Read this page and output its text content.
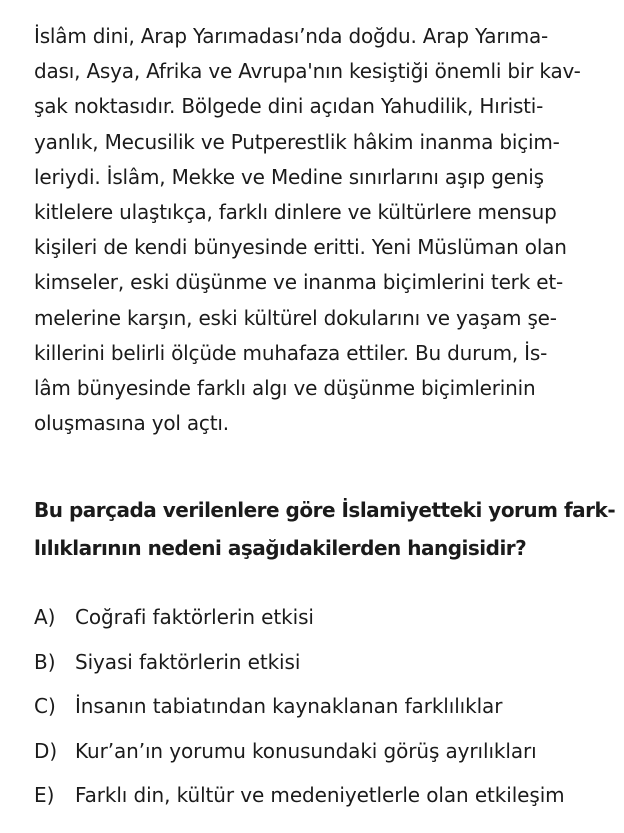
İslâm dini, Arap Yarımadası’nda doğdu. Arap Yarıma-
dası, Asya, Afrika ve Avrupa'nın kesiştiği önemli bir kav-
şak noktasıdır. Bölgede dini açıdan Yahudilik, Hıristi-
yanlık, Mecusilik ve Putperestlik hâkim inanma biçim-
leriydi. İslâm, Mekke ve Medine sınırlarını aşıp geniş
kitlelere ulaştıkça, farklı dinlere ve kültürlere mensup
kişileri de kendi bünyesinde eritti. Yeni Müslüman olan
kimseler, eski düşünme ve inanma biçimlerini terk et-
melerine karşın, eski kültürel dokularını ve yaşam şe-
killerini belirli ölçüde muhafaza ettiler. Bu durum, İs-
lâm bünyesinde farklı algı ve düşünme biçimlerinin
oluşmasına yol açtı.
Bu parçada verilenlere göre İslamiyetteki yorum fark-
lılıklarının nedeni aşağıdakilerden hangisidir?
A) Coğrafi faktörlerin etkisi
B) Siyasi faktörlerin etkisi
C) İnsanın tabiatından kaynaklanan farklılıklar
D) Kur’an’ın yorumu konusundaki görüş ayrılıkları
E)	Farklı din, kültür ve medeniyetlerle olan etkileşim
